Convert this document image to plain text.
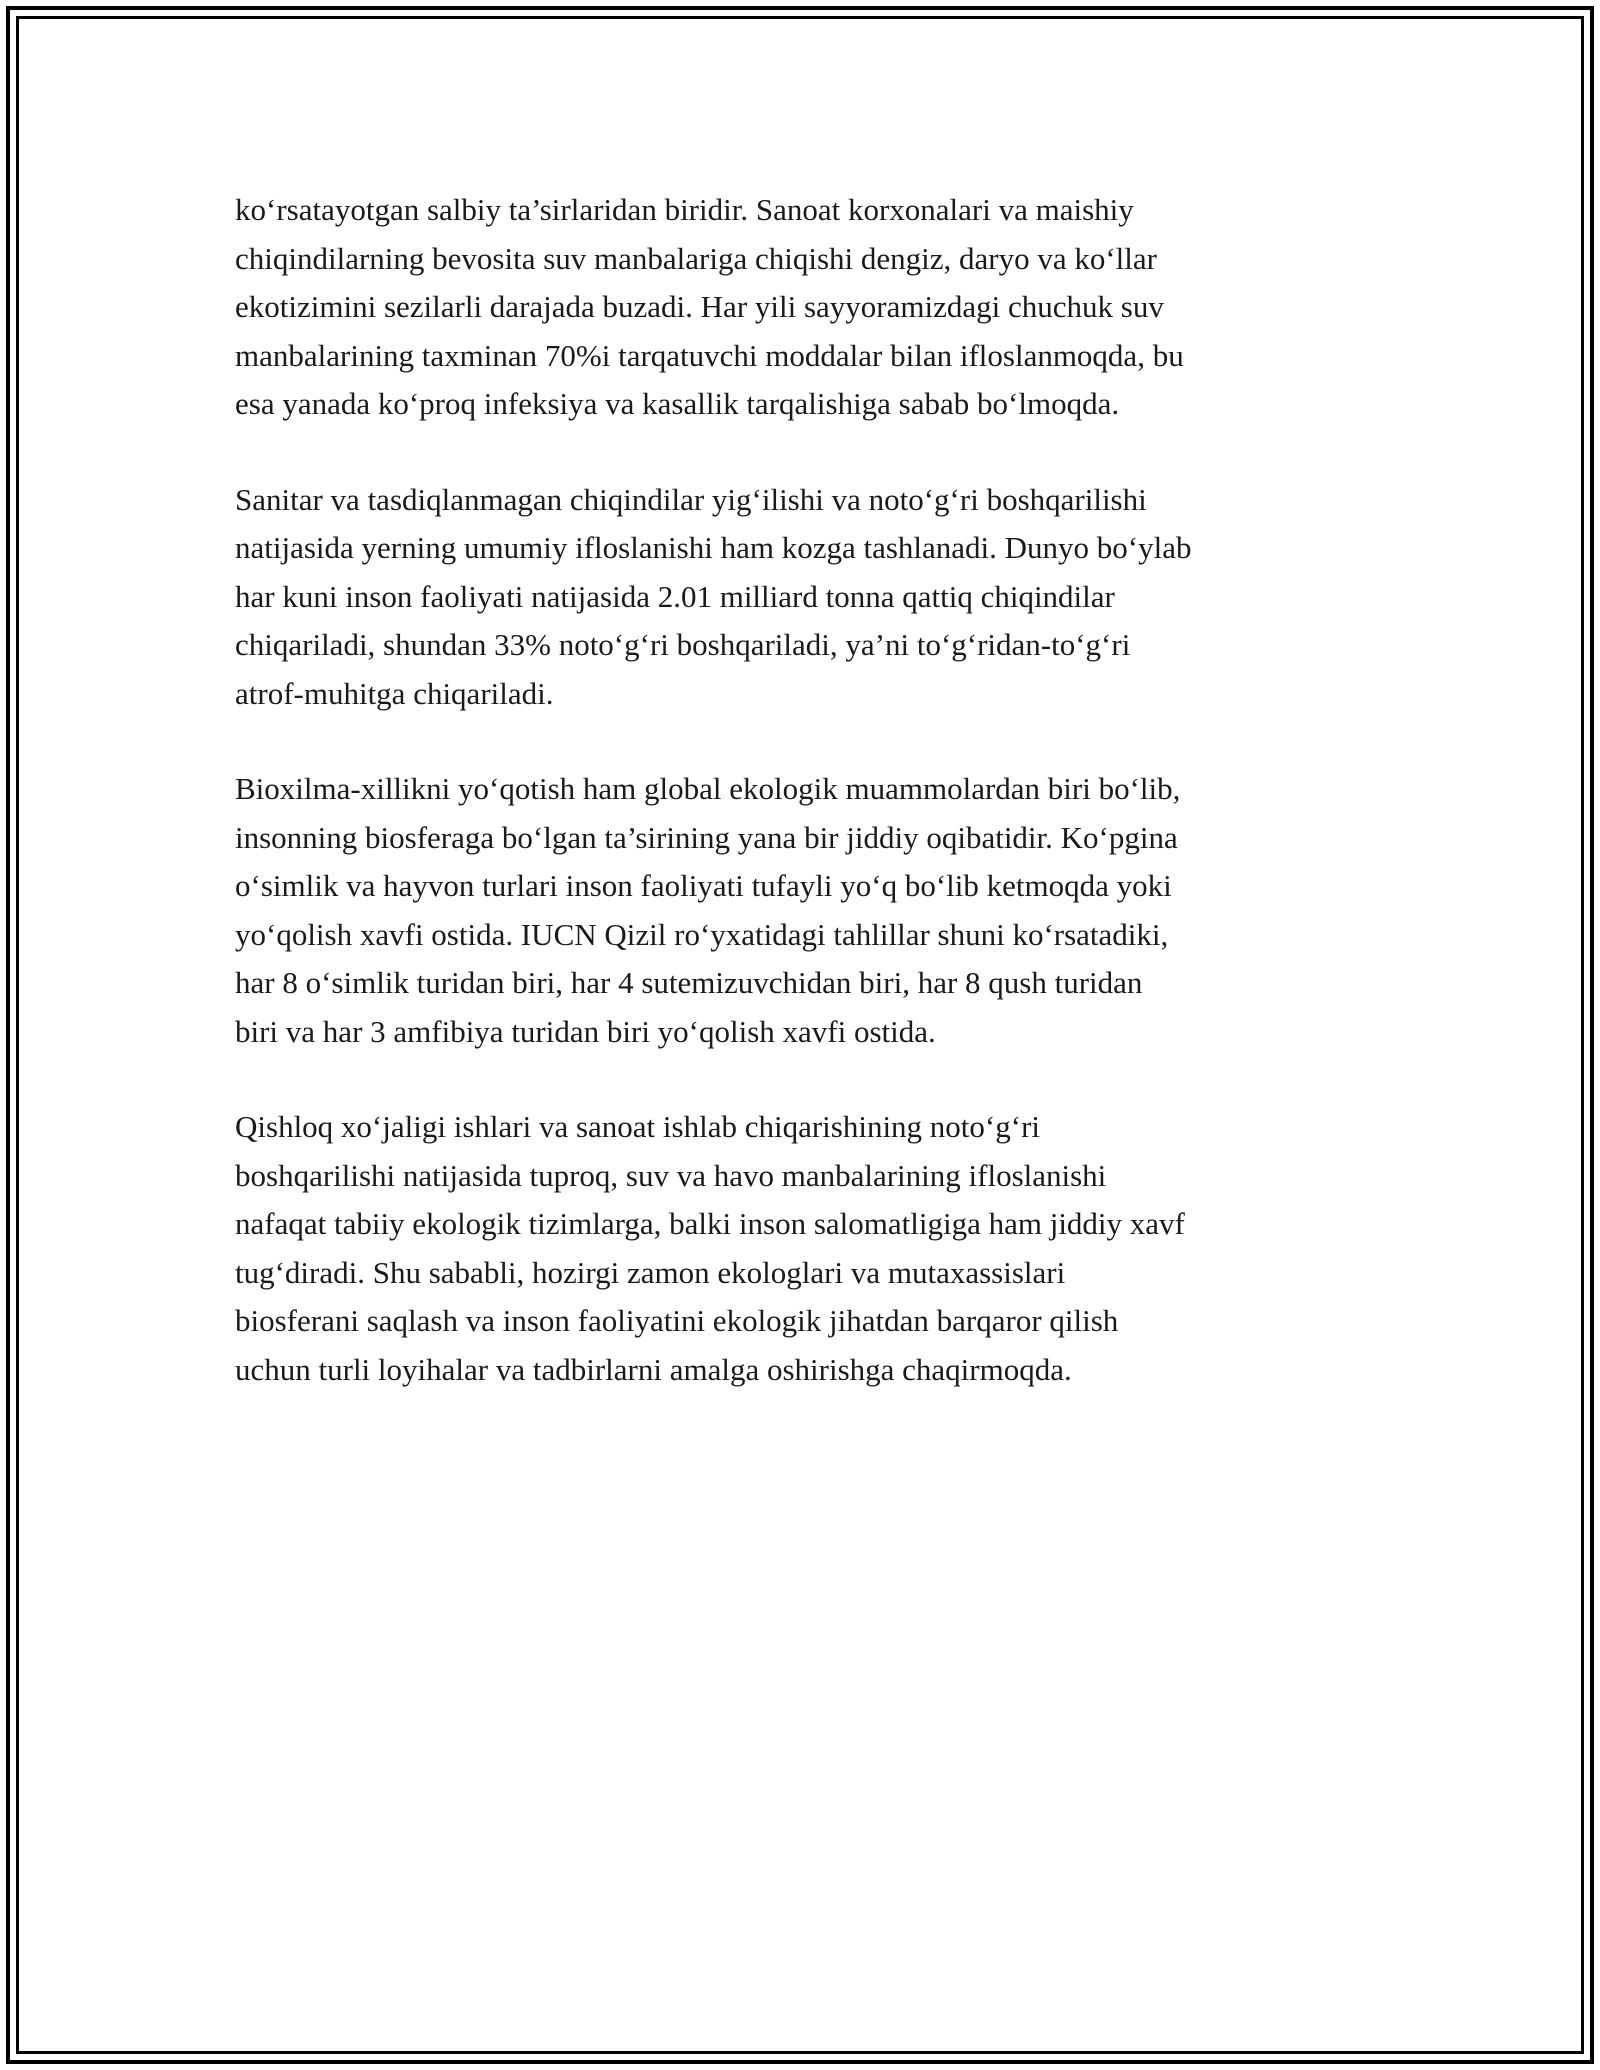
ko‘rsatayotgan salbiy ta’sirlaridan biridir. Sanoat korxonalari va maishiy
chiqindilarning bevosita suv manbalariga chiqishi dengiz, daryo va ko‘llar
ekotizimini sezilarli darajada buzadi. Har yili sayyoramizdagi chuchuk suv
manbalarining taxminan 70%i tarqatuvchi moddalar bilan ifloslanmoqda, bu
esa yanada ko‘proq infeksiya va kasallik tarqalishiga sabab bo‘lmoqda.

Sanitar va tasdiqlanmagan chiqindilar yig‘ilishi va noto‘g‘ri boshqarilishi
natijasida yerning umumiy ifloslanishi ham kozga tashlanadi. Dunyo bo‘ylab
har kuni inson faoliyati natijasida 2.01 milliard tonna qattiq chiqindilar
chiqariladi, shundan 33% noto‘g‘ri boshqariladi, ya’ni to‘g‘ridan-to‘g‘ri
atrof-muhitga chiqariladi.

Bioxilma-xillikni yo‘qotish ham global ekologik muammolardan biri bo‘lib,
insonning biosferaga bo‘lgan ta’sirining yana bir jiddiy oqibatidir. Ko‘pgina
o‘simlik va hayvon turlari inson faoliyati tufayli yo‘q bo‘lib ketmoqda yoki
yo‘qolish xavfi ostida. IUCN Qizil ro‘yxatidagi tahlillar shuni ko‘rsatadiki,
har 8 o‘simlik turidan biri, har 4 sutemizuvchidan biri, har 8 qush turidan
biri va har 3 amfibiya turidan biri yo‘qolish xavfi ostida.

Qishloq xo‘jaligi ishlari va sanoat ishlab chiqarishining noto‘g‘ri
boshqarilishi natijasida tuproq, suv va havo manbalarining ifloslanishi
nafaqat tabiiy ekologik tizimlarga, balki inson salomatligiga ham jiddiy xavf
tug‘diradi. Shu sababli, hozirgi zamon ekologlari va mutaxassislari
biosferani saqlash va inson faoliyatini ekologik jihatdan barqaror qilish
uchun turli loyihalar va tadbirlarni amalga oshirishga chaqirmoqda.
